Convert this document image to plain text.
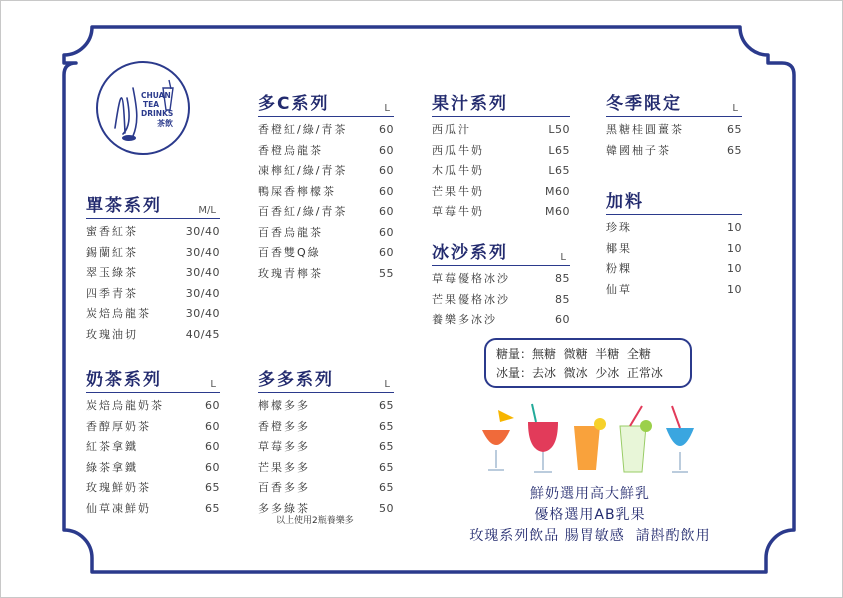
CHUAN
TEA
DRINKS
茶飲
單茶系列	M/L
蜜香紅茶	30/40
錫蘭紅茶	30/40
翠玉綠茶	30/40
四季青茶	30/40
炭焙烏龍茶	30/40
玫瑰油切	40/45
多C系列	L
香橙紅/綠/青茶	60
香橙烏龍茶	60
凍檸紅/綠/青茶	60
鴨屎香檸檬茶	60
百香紅/綠/青茶	60
百香烏龍茶	60
百香雙Q綠	60
玫瑰青檸茶	55
果汁系列
西瓜汁	L50
西瓜牛奶	L65
木瓜牛奶	L65
芒果牛奶	M60
草莓牛奶	M60
冰沙系列	L
草莓優格冰沙	85
芒果優格冰沙	85
養樂多冰沙	60
冬季限定	L
黑糖桂圓薑茶	65
韓國柚子茶	65
加料
珍珠	10
椰果	10
粉粿	10
仙草	10
奶茶系列	L
炭焙烏龍奶茶	60
香醇厚奶茶	60
紅茶拿鐵	60
綠茶拿鐵	60
玫瑰鮮奶茶	65
仙草凍鮮奶	65
多多系列	L
檸檬多多	65
香橙多多	65
草莓多多	65
芒果多多	65
百香多多	65
多多綠茶	50
以上使用2瓶養樂多
糖量：無糖  微糖  半糖  全糖
冰量：去冰  微冰  少冰  正常冰
鮮奶選用高大鮮乳
優格選用AB乳果
玫瑰系列飲品 腸胃敏感  請斟酌飲用
